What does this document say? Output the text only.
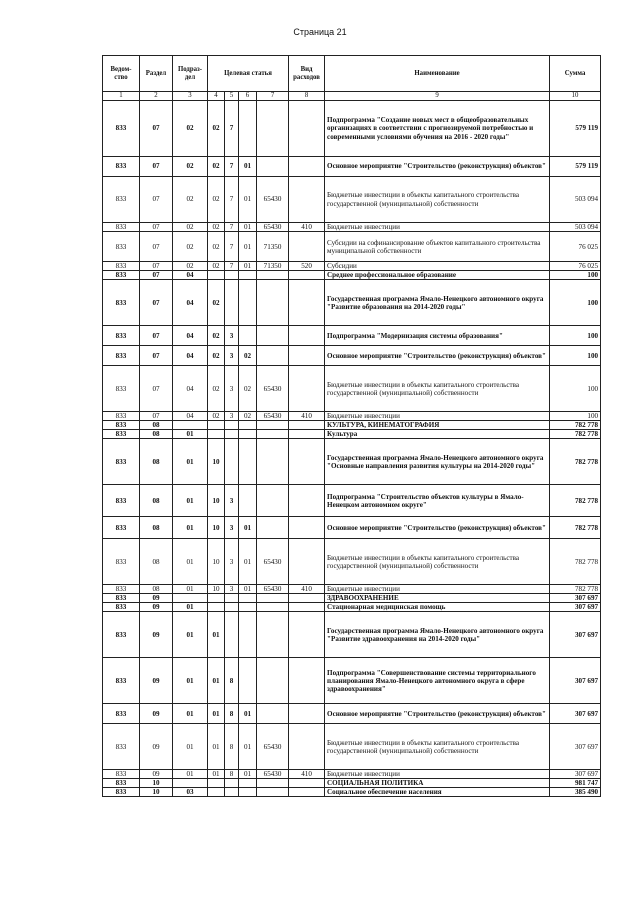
Страница 21
Ведом-ство	Раздел	Подраз-дел	Целевая статья				Вид расходов	Наименование	Сумма
1	2	3	4	5	6	7	8	9	10
833	07	02	02	7				Подпрограмма "Создание новых мест в общеобразовательных организациях в соответствии с прогнозируемой потребностью и современными условиями обучения на 2016 - 2020 годы"	579 119
833	07	02	02	7	01			Основное мероприятие "Строительство (реконструкция) объектов"	579 119
833	07	02	02	7	01	65430		Бюджетные инвестиции в объекты капитального строительства государственной (муниципальной) собственности	503 094
833	07	02	02	7	01	65430	410	Бюджетные инвестиции	503 094
833	07	02	02	7	01	71350		Субсидии на софинансирование объектов капитального строительства муниципальной собственности	76 025
833	07	02	02	7	01	71350	520	Субсидии	76 025
833	07	04						Среднее профессиональное образование	100
833	07	04	02					Государственная программа Ямало-Ненецкого автономного округа "Развитие образования на 2014-2020 годы"	100
833	07	04	02	3				Подпрограмма "Модернизация системы образования"	100
833	07	04	02	3	02			Основное мероприятие "Строительство (реконструкция) объектов"	100
833	07	04	02	3	02	65430		Бюджетные инвестиции в объекты капитального строительства государственной (муниципальной) собственности	100
833	07	04	02	3	02	65430	410	Бюджетные инвестиции	100
833	08							КУЛЬТУРА, КИНЕМАТОГРАФИЯ	782 778
833	08	01						Культура	782 778
833	08	01	10					Государственная программа Ямало-Ненецкого автономного округа "Основные направления развития культуры на 2014-2020 годы"	782 778
833	08	01	10	3				Подпрограмма "Строительство объектов культуры в Ямало-Ненецком автономном округе"	782 778
833	08	01	10	3	01			Основное мероприятие "Строительство (реконструкция) объектов"	782 778
833	08	01	10	3	01	65430		Бюджетные инвестиции в объекты капитального строительства государственной (муниципальной) собственности	782 778
833	08	01	10	3	01	65430	410	Бюджетные инвестиции	782 778
833	09							ЗДРАВООХРАНЕНИЕ	307 697
833	09	01						Стационарная медицинская помощь	307 697
833	09	01	01					Государственная программа Ямало-Ненецкого автономного округа "Развитие здравоохранения на 2014-2020 годы"	307 697
833	09	01	01	8				Подпрограмма "Совершенствование системы территориального планирования Ямало-Ненецкого автономного округа в сфере здравоохранения"	307 697
833	09	01	01	8	01			Основное мероприятие "Строительство (реконструкция) объектов"	307 697
833	09	01	01	8	01	65430		Бюджетные инвестиции в объекты капитального строительства государственной (муниципальной) собственности	307 697
833	09	01	01	8	01	65430	410	Бюджетные инвестиции	307 697
833	10							СОЦИАЛЬНАЯ ПОЛИТИКА	981 747
833	10	03						Социальное обеспечение населения	385 490
